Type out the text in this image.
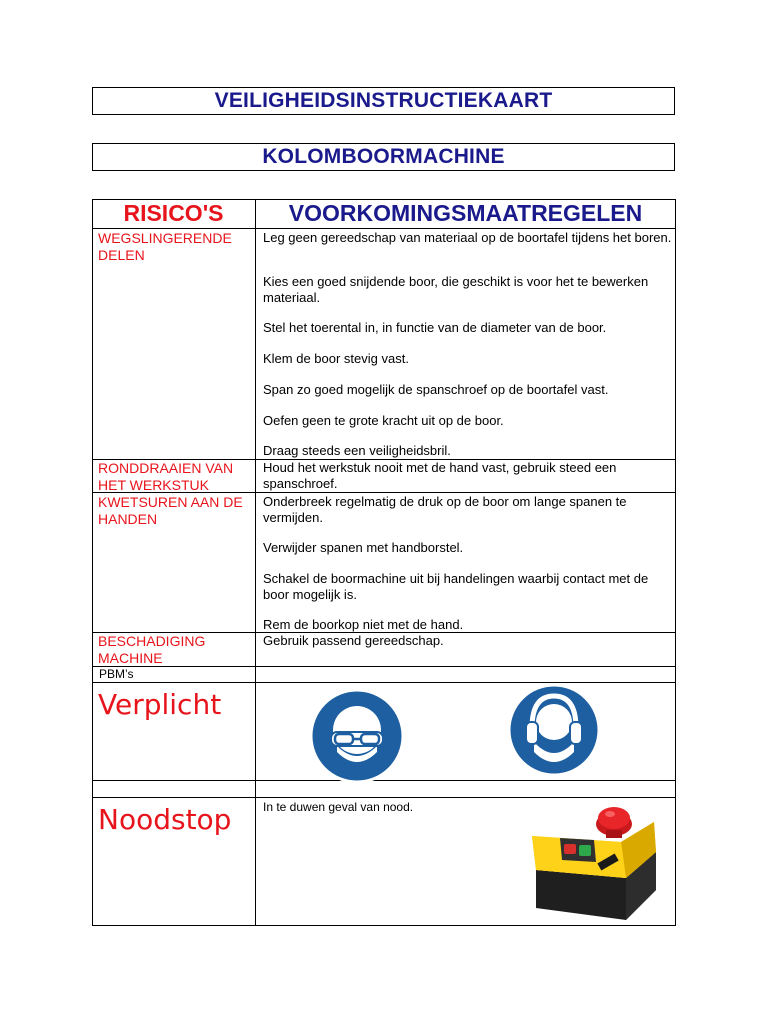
VEILIGHEIDSINSTRUCTIEKAART
KOLOMBOORMACHINE
RISICO'S	VOORKOMINGSMAATREGELEN
WEGSLINGERENDE DELEN
Leg geen gereedschap van materiaal op de boortafel tijdens het boren.
Kies een goed snijdende boor, die geschikt is voor het te bewerken materiaal.
Stel het toerental in, in functie van de diameter van de boor.
Klem de boor stevig vast.
Span zo goed mogelijk de spanschroef op de boortafel vast.
Oefen geen te grote kracht uit op de boor.
Draag steeds een veiligheidsbril.
RONDDRAAIEN VAN HET WERKSTUK
Houd het werkstuk nooit met de hand vast, gebruik steed een spanschroef.
KWETSUREN AAN DE HANDEN
Onderbreek regelmatig de druk op de boor om lange spanen te vermijden.
Verwijder spanen met handborstel.
Schakel de boormachine uit bij handelingen waarbij contact met de boor mogelijk is.
Rem de boorkop niet met de hand.
BESCHADIGING MACHINE
Gebruik passend gereedschap.
PBM’s
Verplicht
Noodstop	In te duwen geval van nood.
